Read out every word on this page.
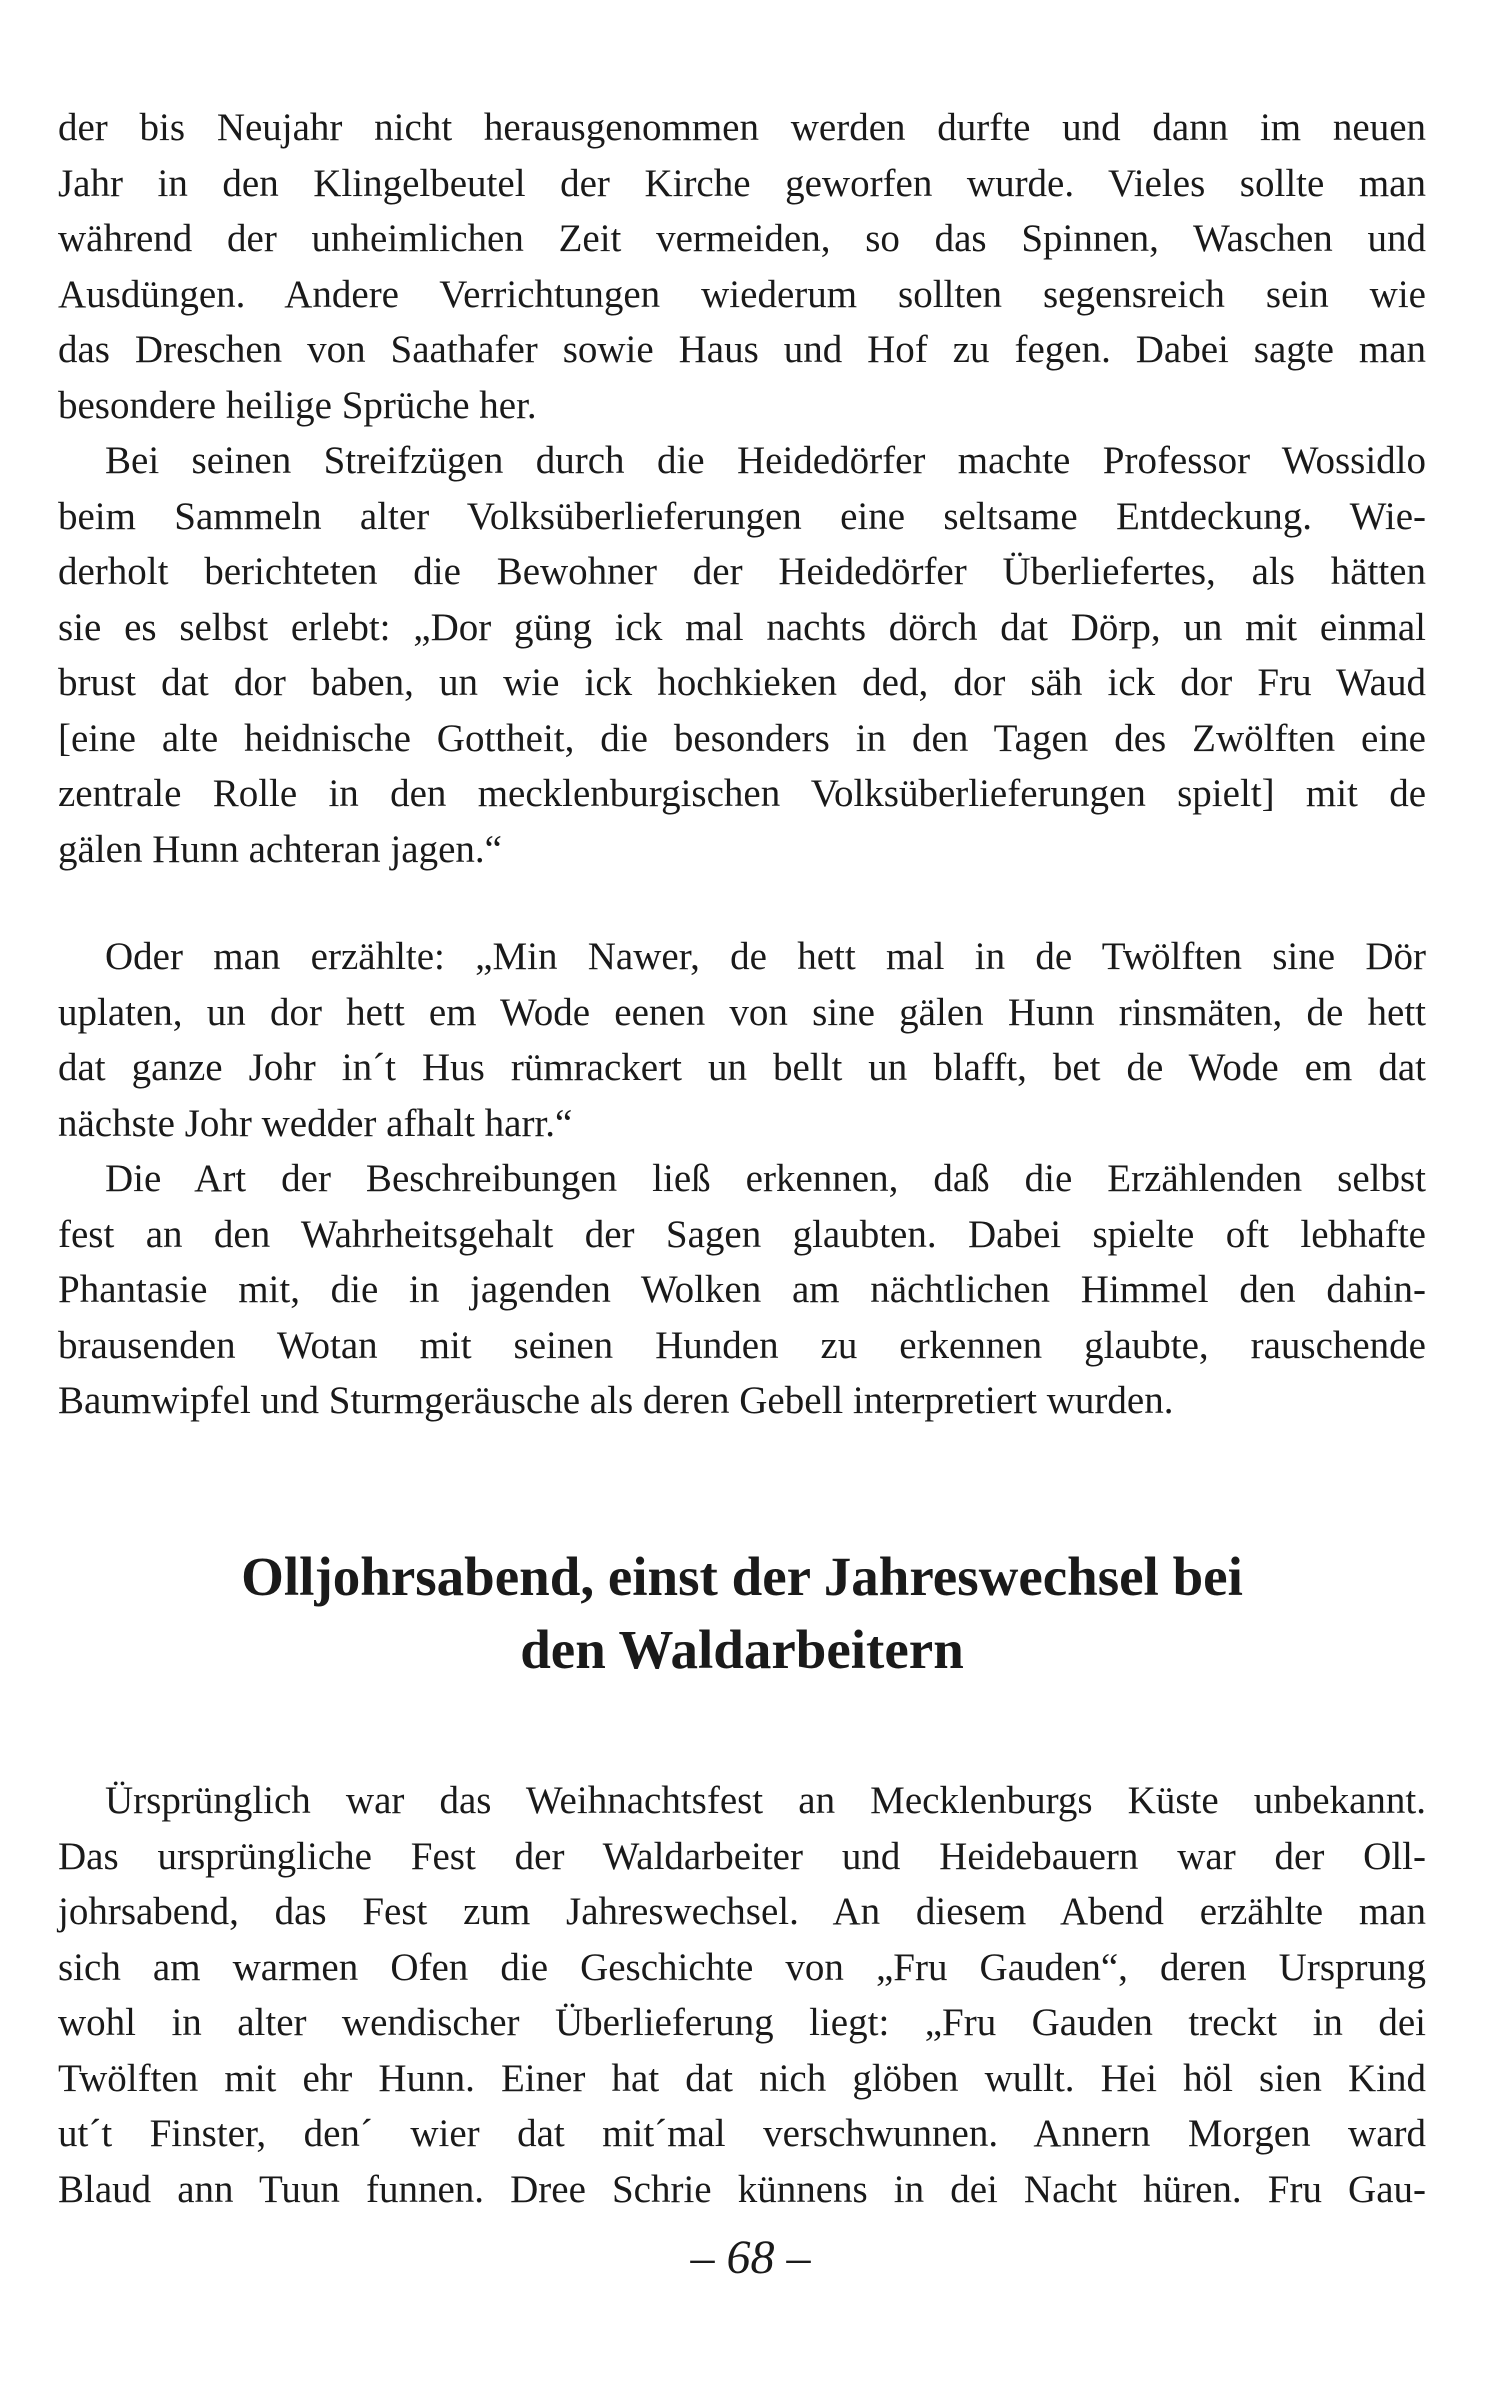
der bis Neujahr nicht herausgenommen werden durfte und dann im neuen
Jahr in den Klingelbeutel der Kirche geworfen wurde. Vieles sollte man
während der unheimlichen Zeit vermeiden, so das Spinnen, Waschen und
Ausdüngen. Andere Verrichtungen wiederum sollten segensreich sein wie
das Dreschen von Saathafer sowie Haus und Hof zu fegen. Dabei sagte man
besondere heilige Sprüche her.

Bei seinen Streifzügen durch die Heidedörfer machte Professor Wossidlo
beim Sammeln alter Volksüberlieferungen eine seltsame Entdeckung. Wie-
derholt berichteten die Bewohner der Heidedörfer Überliefertes, als hätten
sie es selbst erlebt: „Dor güng ick mal nachts dörch dat Dörp, un mit einmal
brust dat dor baben, un wie ick hochkieken ded, dor säh ick dor Fru Waud
[eine alte heidnische Gottheit, die besonders in den Tagen des Zwölften eine
zentrale Rolle in den mecklenburgischen Volksüberlieferungen spielt] mit de
gälen Hunn achteran jagen.“

Oder man erzählte: „Min Nawer, de hett mal in de Twölften sine Dör
uplaten, un dor hett em Wode eenen von sine gälen Hunn rinsmäten, de hett
dat ganze Johr in´t Hus rümrackert un bellt un blafft, bet de Wode em dat
nächste Johr wedder afhalt harr.“

Die Art der Beschreibungen ließ erkennen, daß die Erzählenden selbst
fest an den Wahrheitsgehalt der Sagen glaubten. Dabei spielte oft lebhafte
Phantasie mit, die in jagenden Wolken am nächtlichen Himmel den dahin-
brausenden Wotan mit seinen Hunden zu erkennen glaubte, rauschende
Baumwipfel und Sturmgeräusche als deren Gebell interpretiert wurden.

Olljohrsabend, einst der Jahreswechsel bei
den Waldarbeitern

Ürsprünglich war das Weihnachtsfest an Mecklenburgs Küste unbekannt.
Das ursprüngliche Fest der Waldarbeiter und Heidebauern war der Oll-
johrsabend, das Fest zum Jahreswechsel. An diesem Abend erzählte man
sich am warmen Ofen die Geschichte von „Fru Gauden“, deren Ursprung
wohl in alter wendischer Überlieferung liegt: „Fru Gauden treckt in dei
Twölften mit ehr Hunn. Einer hat dat nich glöben wullt. Hei höl sien Kind
ut´t Finster, den´ wier dat mit´mal verschwunnen. Annern Morgen ward
Blaud ann Tuun funnen. Dree Schrie künnens in dei Nacht hüren. Fru Gau-

– 68 –
